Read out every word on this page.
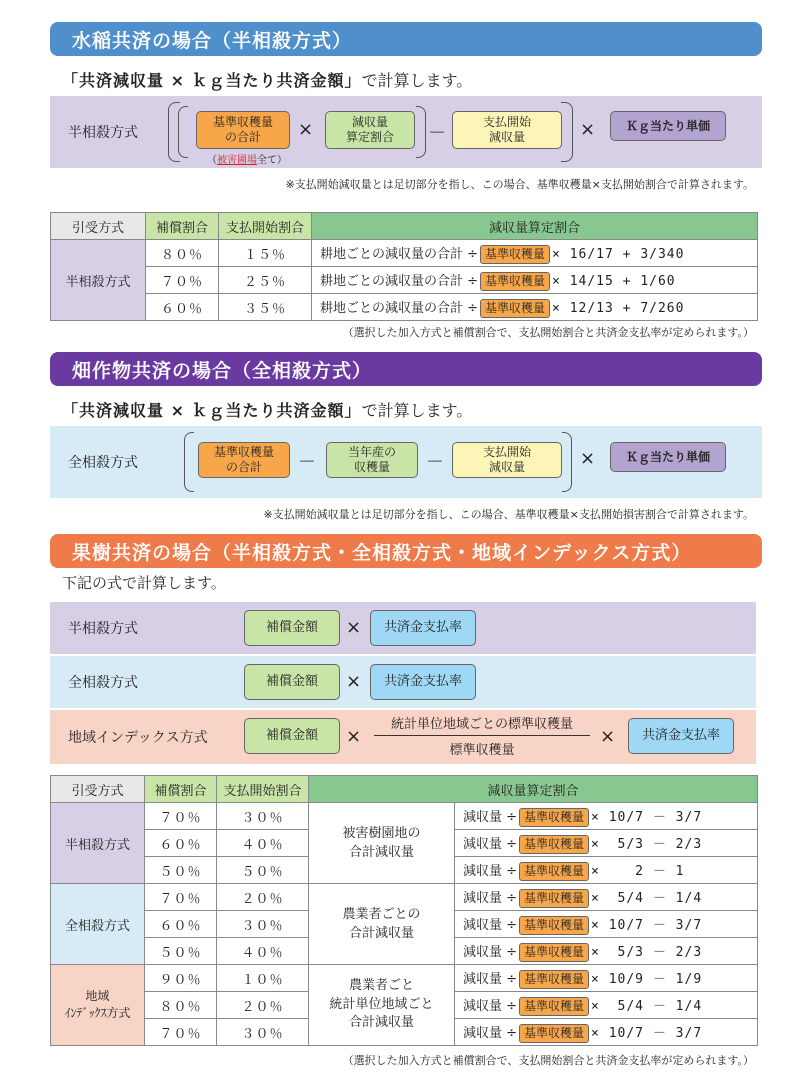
水稲共済の場合（半相殺方式）
「共済減収量 × ｋｇ当たり共済金額」で計算します。
半相殺方式
基準収穫量
の合計
（被害圃場全て）
×	減収量
算定割合 －
支払開始
減収量	×	Ｋｇ当たり単価
※支払開始減収量とは足切部分を指し、この場合、基準収穫量×支払開始割合で計算されます。
引受方式	補償割合	支払開始割合	減収量算定割合
半相殺方式	８０％	１５％	耕地ごとの減収量の合計 ÷ 基準収穫量 × 16/17 + 3/340
	７０％	２５％	耕地ごとの減収量の合計 ÷ 基準収穫量 × 14/15 + 1/60
	６０％	３５％	耕地ごとの減収量の合計 ÷ 基準収穫量 × 12/13 + 7/260
（選択した加入方式と補償割合で、支払開始割合と共済金支払率が定められます。）
畑作物共済の場合（全相殺方式）
「共済減収量 × ｋｇ当たり共済金額」で計算します。
全相殺方式
基準収穫量
の合計	－	当年産の
収穫量	－	支払開始
減収量	×	Ｋｇ当たり単価
※支払開始減収量とは足切部分を指し、この場合、基準収穫量×支払開始損害割合で計算されます。
果樹共済の場合（半相殺方式・全相殺方式・地域インデックス方式）
下記の式で計算します。
半相殺方式	補償金額	×	共済金支払率
全相殺方式	補償金額	×	共済金支払率
地域インデックス方式	補償金額	×
統計単位地域ごとの標準収穫量
標準収穫量
×	共済金支払率
引受方式	補償割合	支払開始割合	減収量算定割合	
半相殺方式	７０％	３０％	被害樹園地の
合計減収量	減収量 ÷ 基準収穫量 × 10/7 － 3/7
	６０％	４０％		減収量 ÷ 基準収穫量 ×  5/3 － 2/3
	５０％	５０％		減収量 ÷ 基準収穫量 ×    2 － 1
全相殺方式	７０％	２０％	農業者ごとの
合計減収量	減収量 ÷ 基準収穫量 ×  5/4 － 1/4
	６０％	３０％		減収量 ÷ 基準収穫量 × 10/7 － 3/7
	５０％	４０％		減収量 ÷ 基準収穫量 ×  5/3 － 2/3
地域
ｲﾝﾃﾞｯｸｽ方式	９０％	１０％	農業者ごと
統計単位地域ごと
合計減収量	減収量 ÷ 基準収穫量 × 10/9 － 1/9
	８０％	２０％		減収量 ÷ 基準収穫量 ×  5/4 － 1/4
	７０％	３０％		減収量 ÷ 基準収穫量 × 10/7 － 3/7
（選択した加入方式と補償割合で、支払開始割合と共済金支払率が定められます。）
